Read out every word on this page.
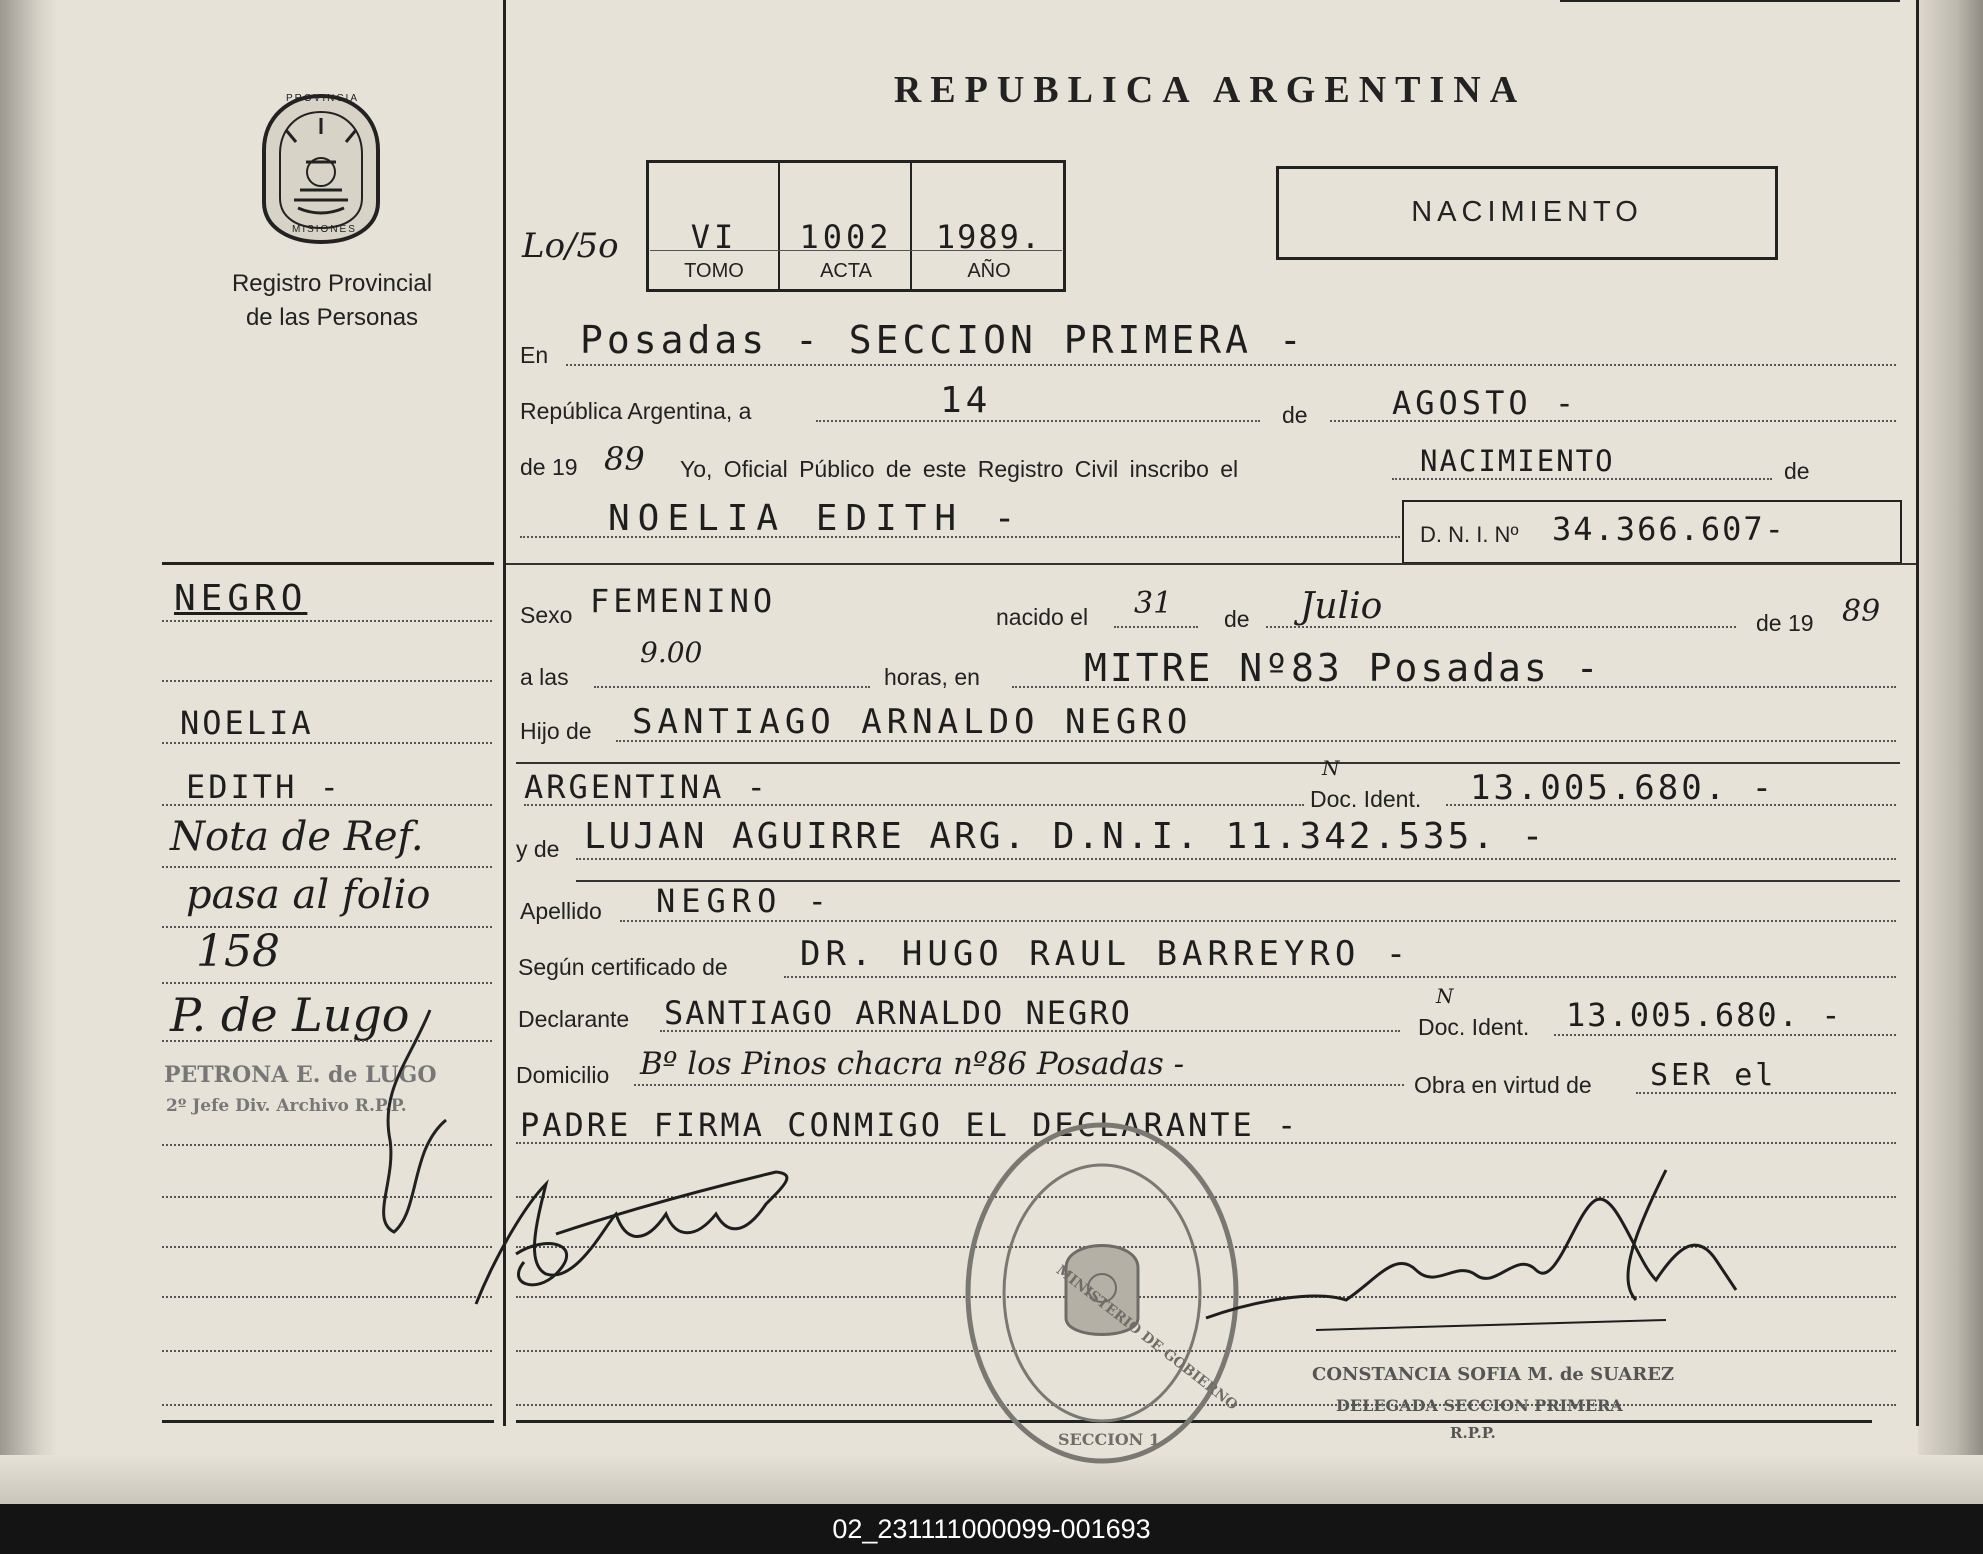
PROVINCIA
MISIONES
Registro Provincial
de las Personas
REPUBLICA ARGENTINA
NACIMIENTO
Lo/5o	VI	1002	1989.
TOMO	ACTA	AÑO
En Posadas - SECCION PRIMERA -
República Argentina, a	14	de	AGOSTO -
de 19 89 Yo, Oficial Público de este Registro Civil inscribo el	NACIMIENTO	de
NOELIA EDITH -	D. N. I. Nº 34.366.607-
Sexo FEMENINO	nacido el 31 de Julio	de 19 89
a las
9.00
horas, en	MITRE Nº83 Posadas -
Hijo de SANTIAGO ARNALDO NEGRO
ARGENTINA -	Doc. Ident.
N	13.005.680. -
y de LUJAN AGUIRRE ARG. D.N.I. 11.342.535. -
Apellido NEGRO -
Según certificado de DR. HUGO RAUL BARREYRO -
Declarante SANTIAGO ARNALDO NEGRO	Doc. Ident.
N	13.005.680. -
Domicilio Bº los Pinos chacra nº86 Posadas -
Obra en virtud de SER el
PADRE FIRMA CONMIGO EL DECLARANTE -
NEGRO
NOELIA
EDITH -
Nota de Ref.
pasa al folio
158
P. de Lugo
PETRONA E. de LUGO
2º Jefe Div. Archivo R.P.P.
MINISTERIO DE GOBIERNO
SECCION 1
CONSTANCIA SOFIA M. de SUAREZ
DELEGADA SECCION PRIMERA
R.P.P.
02_231111000099-001693
